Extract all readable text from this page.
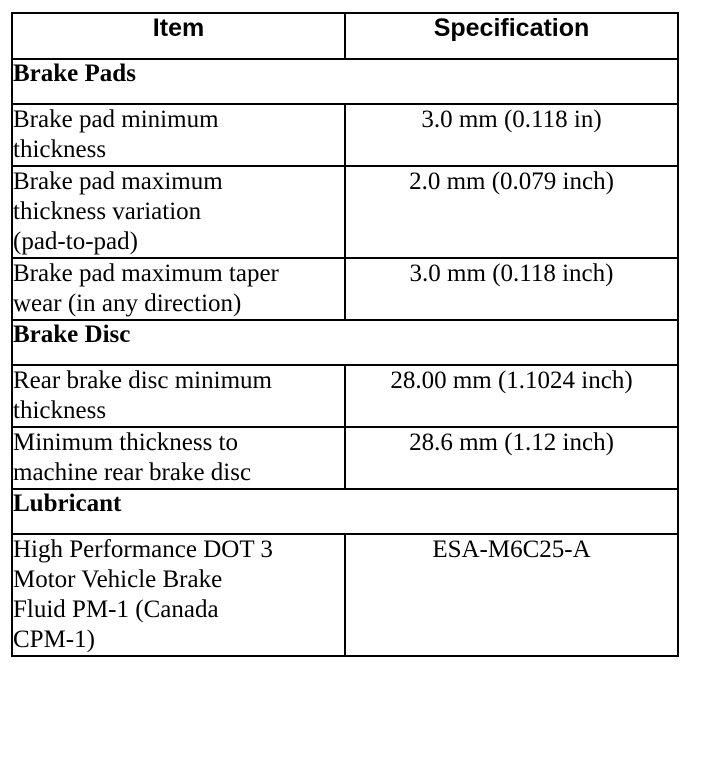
Item	Specification
Brake Pads	

Brake pad minimum
thickness	3.0 mm (0.118 in)

Brake pad maximum
thickness variation
(pad-to-pad)	2.0 mm (0.079 inch)

Brake pad maximum taper
wear (in any direction)	3.0 mm (0.118 inch)
Brake Disc	

Rear brake disc minimum
thickness	28.00 mm (1.1024 inch)

Minimum thickness to
machine rear brake disc	28.6 mm (1.12 inch)
Lubricant	

High Performance DOT 3
Motor Vehicle Brake
Fluid PM-1 (Canada
CPM-1)	ESA-M6C25-A
